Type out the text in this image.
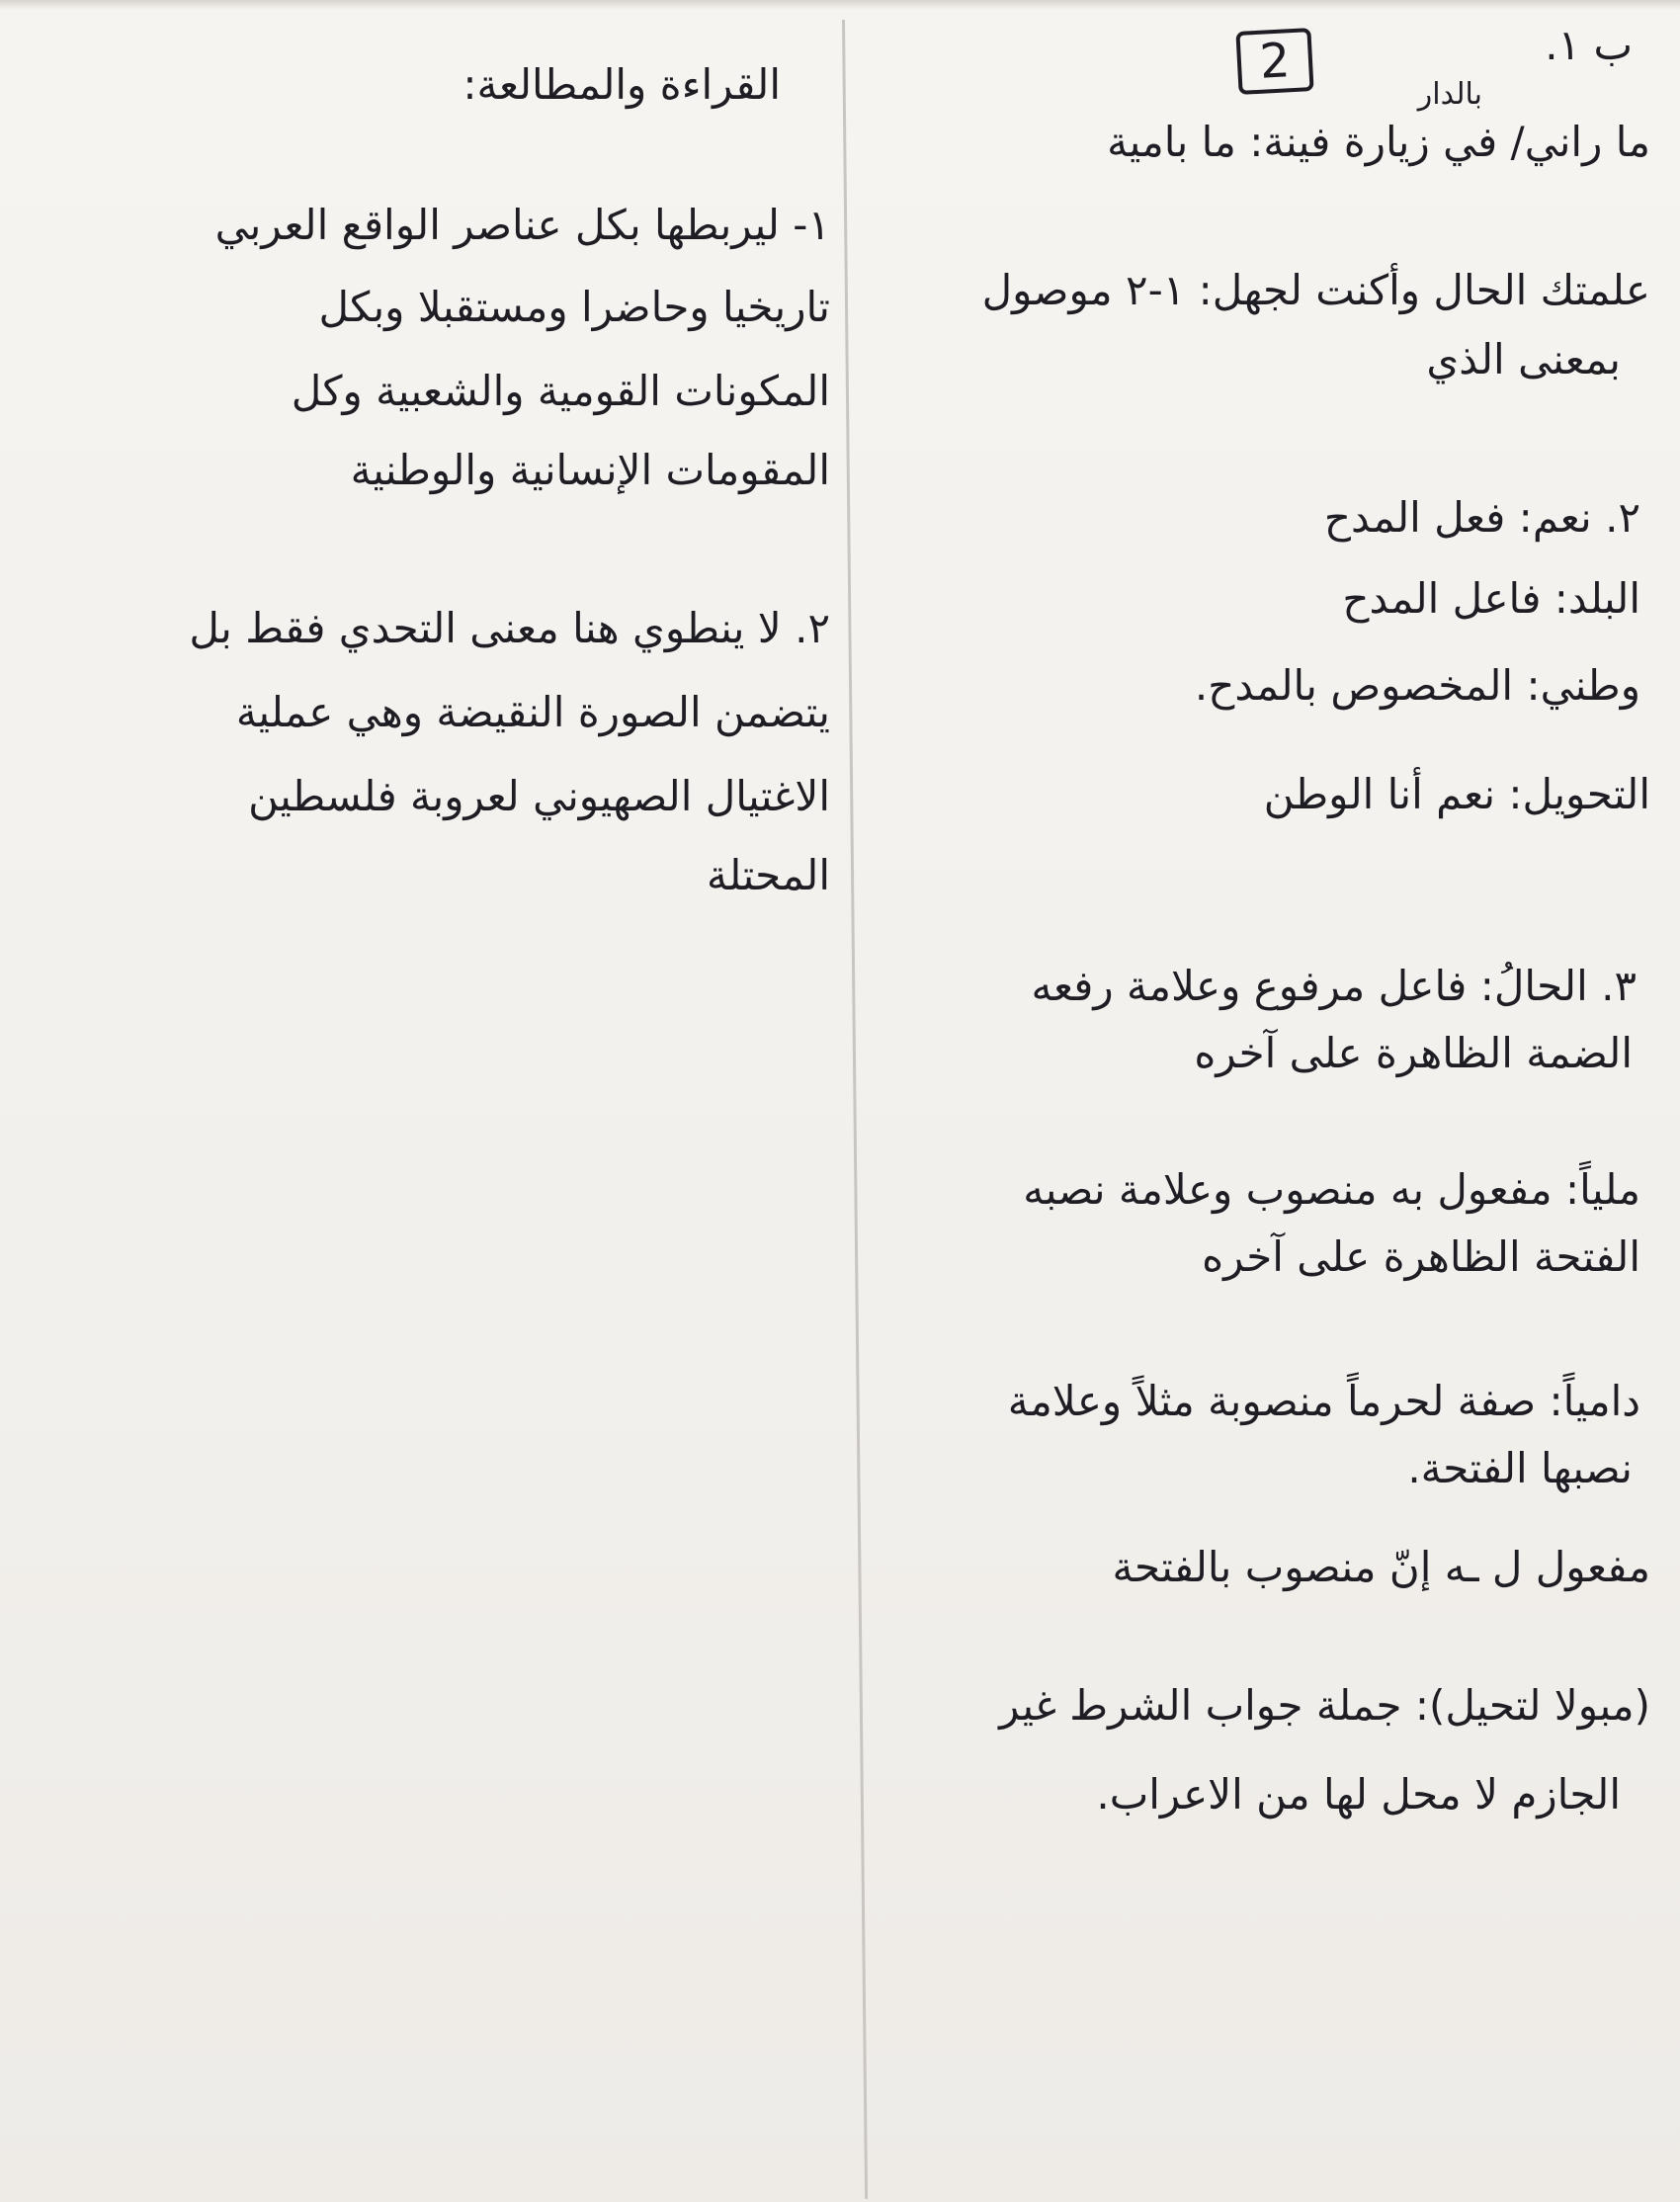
2	ب ١.
بالدار
ما راني/ في زيارة فينة: ما بامية
علمتك الحال وأكنت لجهل: ١-٢ موصول
بمعنى الذي
٢. نعم: فعل المدح
البلد: فاعل المدح
وطني: المخصوص بالمدح.
التحويل: نعم أنا الوطن
٣. الحالُ: فاعل مرفوع وعلامة رفعه
الضمة الظاهرة على آخره
ملياً: مفعول به منصوب وعلامة نصبه
الفتحة الظاهرة على آخره
دامياً: صفة لحرماً منصوبة مثلاً وعلامة
نصبها الفتحة.
مفعول ل ـه إنّ منصوب بالفتحة
(مبولا لتحيل): جملة جواب الشرط غير
الجازم لا محل لها من الاعراب.
القراءة والمطالعة:
١- ليربطها بكل عناصر الواقع العربي
تاريخيا وحاضرا ومستقبلا وبكل
المكونات القومية والشعبية وكل
المقومات الإنسانية والوطنية
٢. لا ينطوي هنا معنى التحدي فقط بل
يتضمن الصورة النقيضة وهي عملية
الاغتيال الصهيوني لعروبة فلسطين
المحتلة
